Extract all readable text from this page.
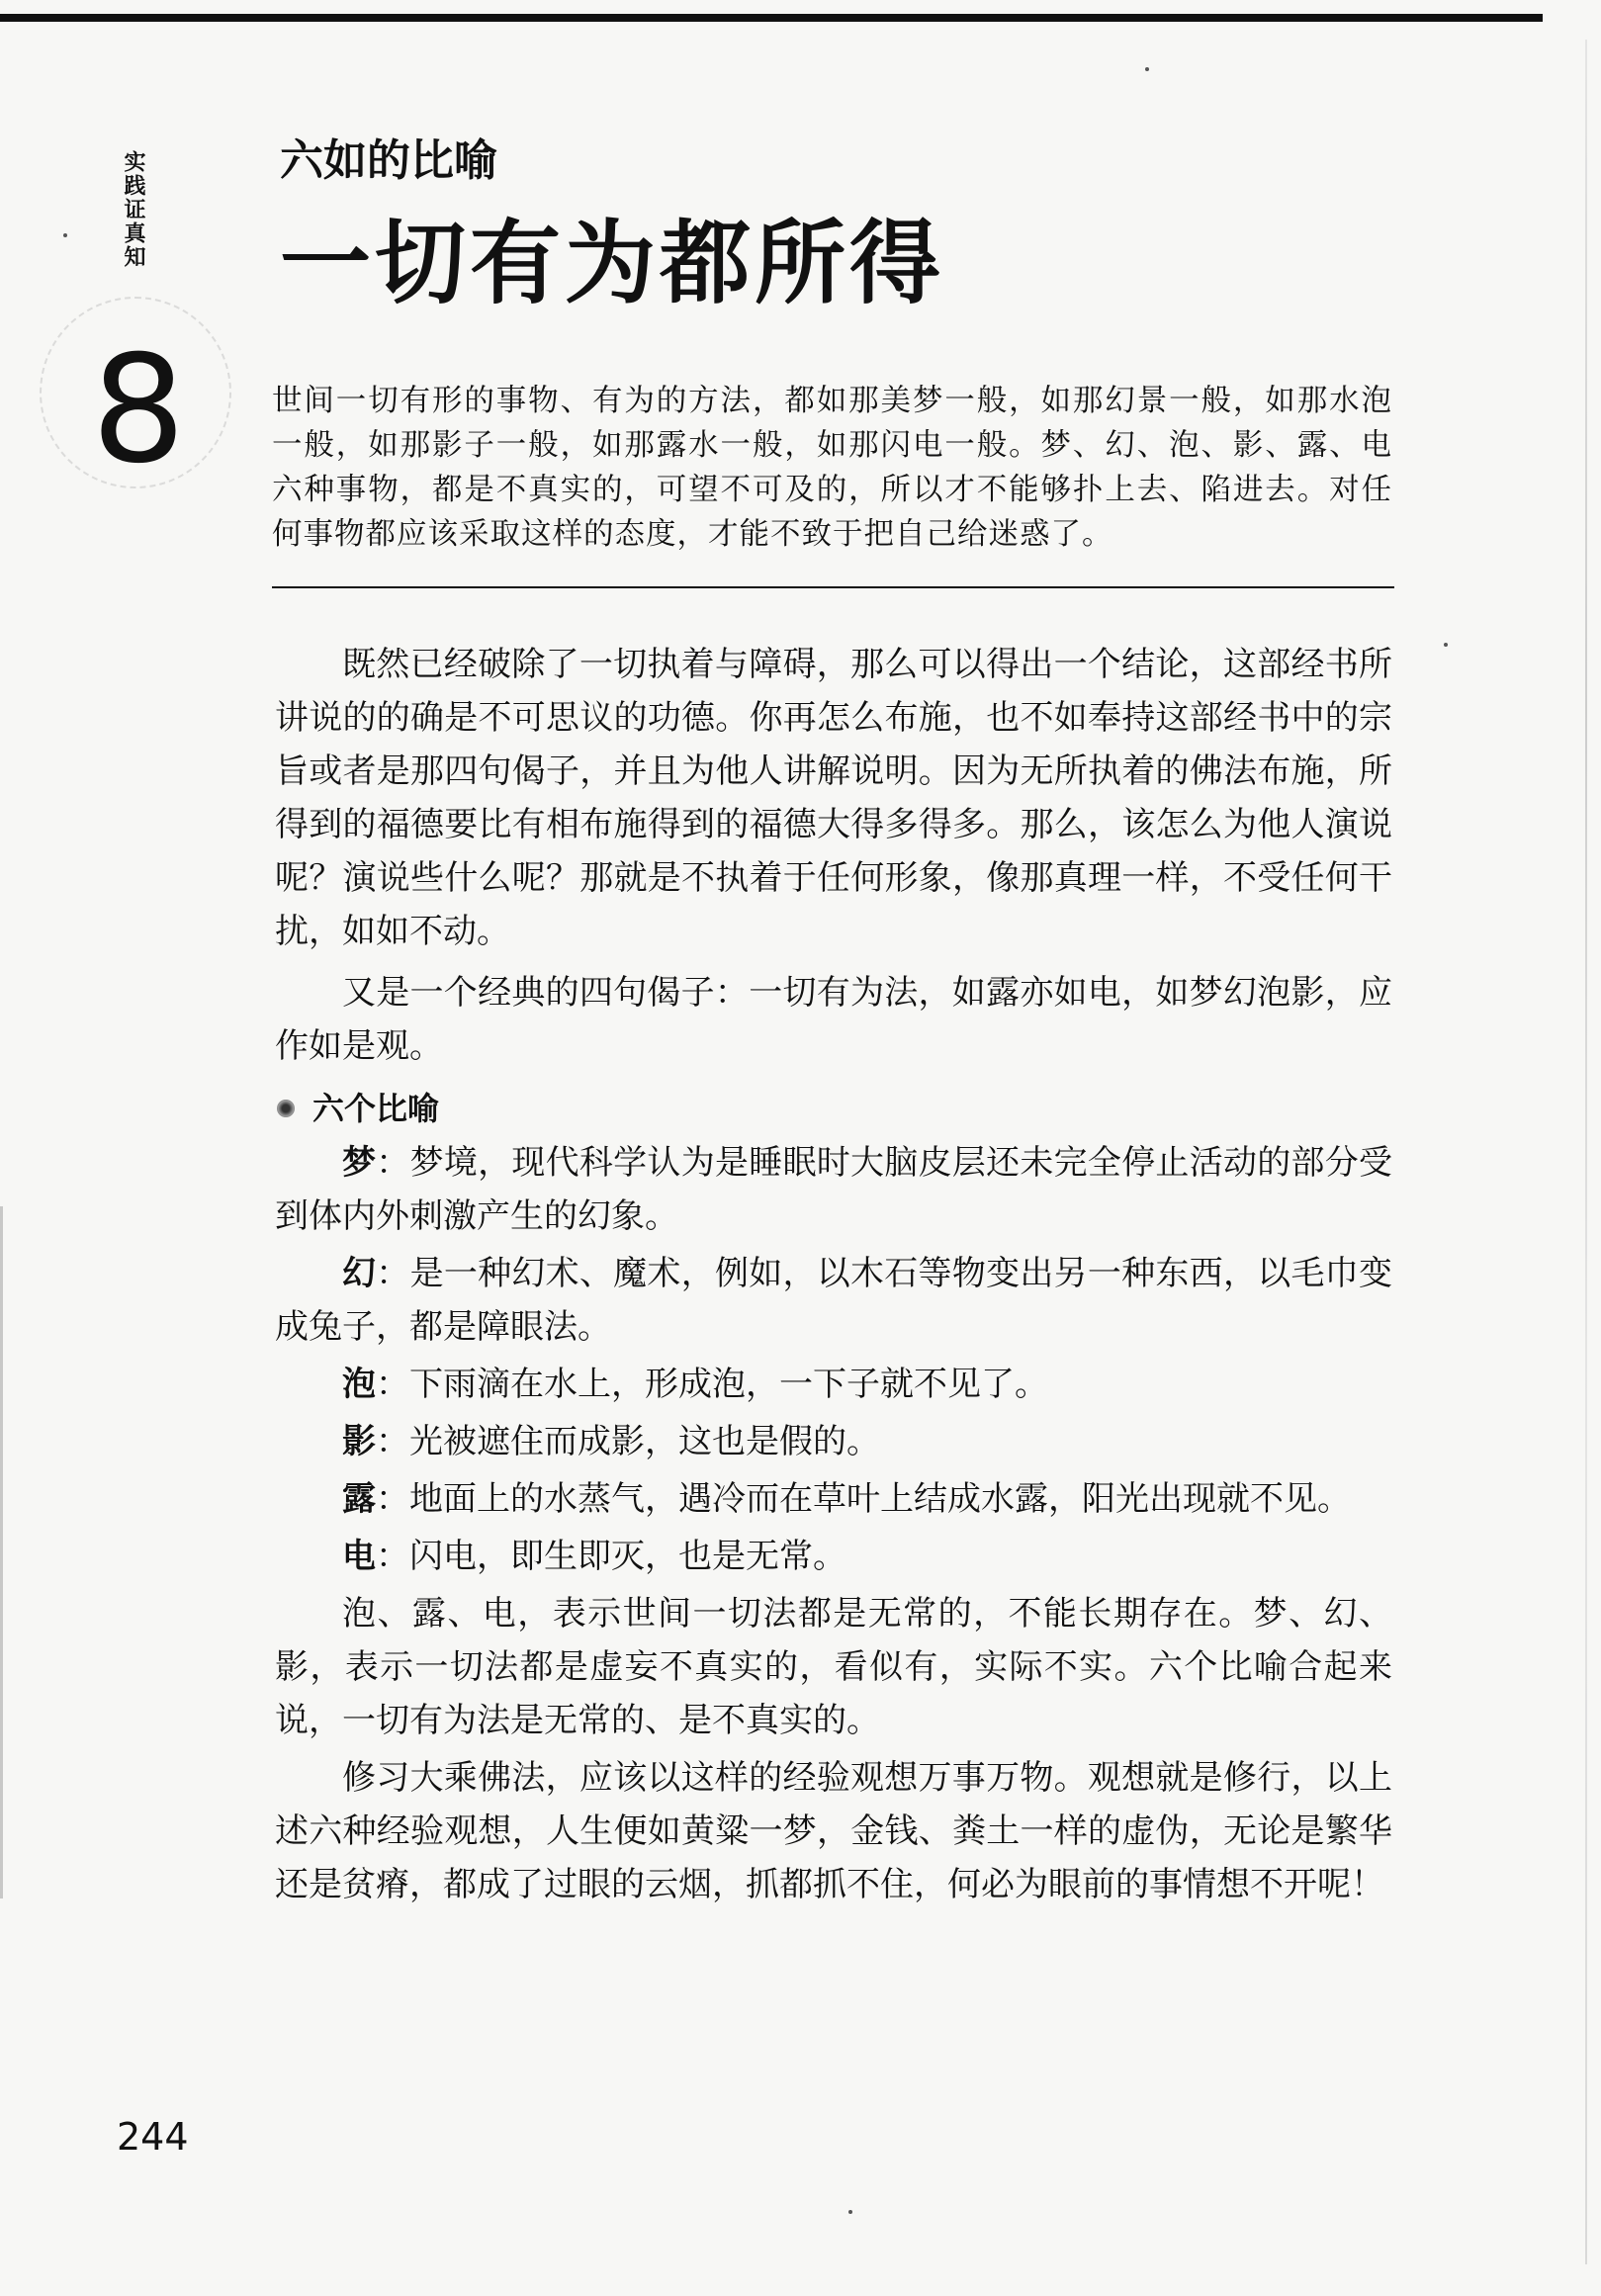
实践证真知
8
六如的比喻
一切有为都所得

世间一切有形的事物、有为的方法，都如那美梦一般，如那幻景一般，如那水泡一般，如那影子一般，如那露水一般，如那闪电一般。梦、幻、泡、影、露、电六种事物，都是不真实的，可望不可及的，所以才不能够扑上去、陷进去。对任何事物都应该采取这样的态度，才能不致于把自己给迷惑了。

既然已经破除了一切执着与障碍，那么可以得出一个结论，这部经书所讲说的的确是不可思议的功德。你再怎么布施，也不如奉持这部经书中的宗旨或者是那四句偈子，并且为他人讲解说明。因为无所执着的佛法布施，所得到的福德要比有相布施得到的福德大得多得多。那么，该怎么为他人演说呢？演说些什么呢？那就是不执着于任何形象，像那真理一样，不受任何干扰，如如不动。

又是一个经典的四句偈子：一切有为法，如露亦如电，如梦幻泡影，应作如是观。

六个比喻

梦：梦境，现代科学认为是睡眠时大脑皮层还未完全停止活动的部分受到体内外刺激产生的幻象。

幻：是一种幻术、魔术，例如，以木石等物变出另一种东西，以毛巾变成兔子，都是障眼法。

泡：下雨滴在水上，形成泡，一下子就不见了。

影：光被遮住而成影，这也是假的。

露：地面上的水蒸气，遇冷而在草叶上结成水露，阳光出现就不见。

电：闪电，即生即灭，也是无常。

泡、露、电，表示世间一切法都是无常的，不能长期存在。梦、幻、影，表示一切法都是虚妄不真实的，看似有，实际不实。六个比喻合起来说，一切有为法是无常的、是不真实的。

修习大乘佛法，应该以这样的经验观想万事万物。观想就是修行，以上述六种经验观想，人生便如黄粱一梦，金钱、粪土一样的虚伪，无论是繁华还是贫瘠，都成了过眼的云烟，抓都抓不住，何必为眼前的事情想不开呢！

244
